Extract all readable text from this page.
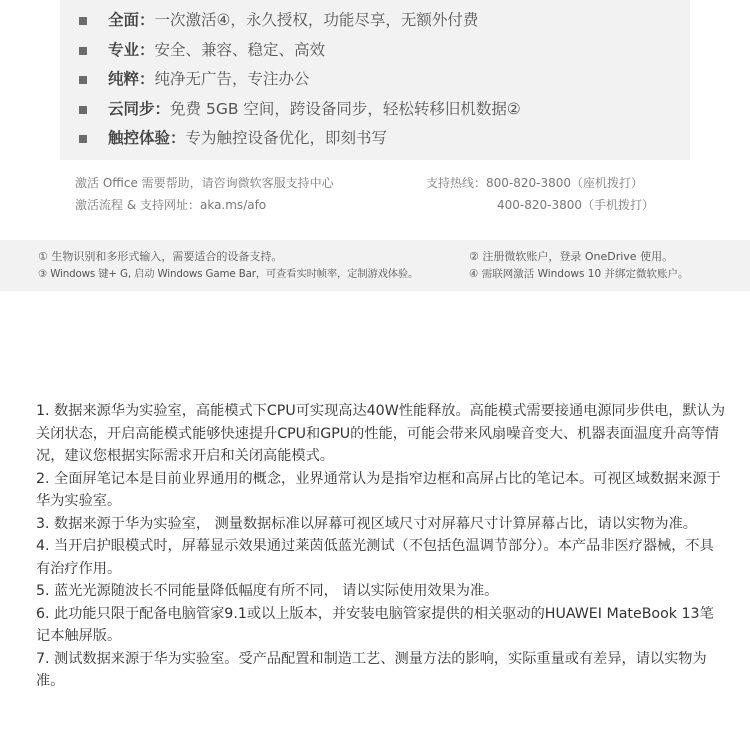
全面：一次激活④，永久授权，功能尽享，无额外付费
专业：安全、兼容、稳定、高效
纯粹：纯净无广告，专注办公
云同步：免费 5GB 空间，跨设备同步，轻松转移旧机数据②
触控体验：专为触控设备优化，即刻书写
激活 Office 需要帮助，请咨询微软客服支持中心
激活流程 & 支持网址：aka.ms/afo
支持热线：800-820-3800（座机拨打）
400-820-3800（手机拨打）
① 生物识别和多形式输入，需要适合的设备支持。	② 注册微软账户，登录 OneDrive 使用。
③ Windows 键+ G, 启动 Windows Game Bar，可查看实时帧率，定制游戏体验。	④ 需联网激活 Windows 10 并绑定微软账户。

1. 数据来源华为实验室，高能模式下CPU可实现高达40W性能释放。高能模式需要接通电源同步供电，默认为关闭状态，开启高能模式能够快速提升CPU和GPU的性能，可能会带来风扇噪音变大、机器表面温度升高等情况，建议您根据实际需求开启和关闭高能模式。

2. 全面屏笔记本是目前业界通用的概念，业界通常认为是指窄边框和高屏占比的笔记本。可视区域数据来源于华为实验室。

3. 数据来源于华为实验室， 测量数据标准以屏幕可视区域尺寸对屏幕尺寸计算屏幕占比，请以实物为准。

4. 当开启护眼模式时，屏幕显示效果通过莱茵低蓝光测试（不包括色温调节部分）。本产品非医疗器械，不具有治疗作用。

5. 蓝光光源随波长不同能量降低幅度有所不同， 请以实际使用效果为准。

6. 此功能只限于配备电脑管家9.1或以上版本，并安装电脑管家提供的相关驱动的HUAWEI MateBook 13笔记本触屏版。

7. 测试数据来源于华为实验室。受产品配置和制造工艺、测量方法的影响，实际重量或有差异，请以实物为准。
